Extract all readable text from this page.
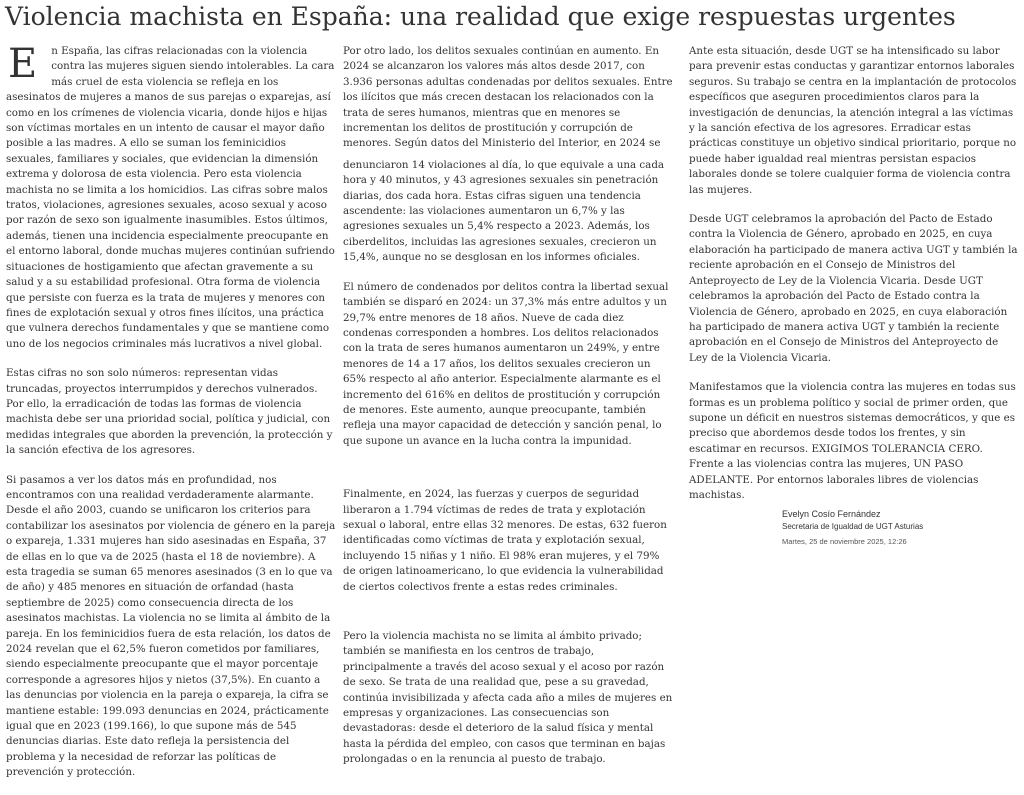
Violencia machista en España: una realidad que exige respuestas urgentes

E n España, las cifras relacionadas con la violencia contra las mujeres siguen siendo intolerables. La cara más cruel de esta violencia se refleja en los asesinatos de mujeres a manos de sus parejas o exparejas, así como en los crímenes de violencia vicaria, donde hijos e hijas son víctimas mortales en un intento de causar el mayor daño posible a las madres. A ello se suman los feminicidios sexuales, familiares y sociales, que evidencian la dimensión extrema y dolorosa de esta violencia. Pero esta violencia machista no se limita a los homicidios. Las cifras sobre malos tratos, violaciones, agresiones sexuales, acoso sexual y acoso por razón de sexo son igualmente inasumibles. Estos últimos, además, tienen una incidencia especialmente preocupante en el entorno laboral, donde muchas mujeres continúan sufriendo situaciones de hostigamiento que afectan gravemente a su salud y a su estabilidad profesional. Otra forma de violencia que persiste con fuerza es la trata de mujeres y menores con fines de explotación sexual y otros fines ilícitos, una práctica que vulnera derechos fundamentales y que se mantiene como uno de los negocios criminales más lucrativos a nivel global.

Estas cifras no son solo números: representan vidas truncadas, proyectos interrumpidos y derechos vulnerados. Por ello, la erradicación de todas las formas de violencia machista debe ser una prioridad social, política y judicial, con medidas integrales que aborden la prevención, la protección y la sanción efectiva de los agresores.

Si pasamos a ver los datos más en profundidad, nos encontramos con una realidad verdaderamente alarmante. Desde el año 2003, cuando se unificaron los criterios para contabilizar los asesinatos por violencia de género en la pareja o expareja, 1.331 mujeres han sido asesinadas en España, 37 de ellas en lo que va de 2025 (hasta el 18 de noviembre). A esta tragedia se suman 65 menores asesinados (3 en lo que va de año) y 485 menores en situación de orfandad (hasta septiembre de 2025) como consecuencia directa de los asesinatos machistas. La violencia no se limita al ámbito de la pareja. En los feminicidios fuera de esta relación, los datos de 2024 revelan que el 62,5% fueron cometidos por familiares, siendo especialmente preocupante que el mayor porcentaje corresponde a agresores hijos y nietos (37,5%). En cuanto a las denuncias por violencia en la pareja o expareja, la cifra se mantiene estable: 199.093 denuncias en 2024, prácticamente igual que en 2023 (199.166), lo que supone más de 545 denuncias diarias. Este dato refleja la persistencia del problema y la necesidad de reforzar las políticas de prevención y protección.

Por otro lado, los delitos sexuales continúan en aumento. En 2024 se alcanzaron los valores más altos desde 2017, con 3.936 personas adultas condenadas por delitos sexuales. Entre los ilícitos que más crecen destacan los relacionados con la trata de seres humanos, mientras que en menores se incrementan los delitos de prostitución y corrupción de menores. Según datos del Ministerio del Interior, en 2024 se

denunciaron 14 violaciones al día, lo que equivale a una cada hora y 40 minutos, y 43 agresiones sexuales sin penetración diarias, dos cada hora. Estas cifras siguen una tendencia ascendente: las violaciones aumentaron un 6,7% y las agresiones sexuales un 5,4% respecto a 2023. Además, los ciberdelitos, incluidas las agresiones sexuales, crecieron un 15,4%, aunque no se desglosan en los informes oficiales.

El número de condenados por delitos contra la libertad sexual también se disparó en 2024: un 37,3% más entre adultos y un 29,7% entre menores de 18 años. Nueve de cada diez condenas corresponden a hombres. Los delitos relacionados con la trata de seres humanos aumentaron un 249%, y entre menores de 14 a 17 años, los delitos sexuales crecieron un 65% respecto al año anterior. Especialmente alarmante es el incremento del 616% en delitos de prostitución y corrupción de menores. Este aumento, aunque preocupante, también refleja una mayor capacidad de detección y sanción penal, lo que supone un avance en la lucha contra la impunidad.

Finalmente, en 2024, las fuerzas y cuerpos de seguridad liberaron a 1.794 víctimas de redes de trata y explotación sexual o laboral, entre ellas 32 menores. De estas, 632 fueron identificadas como víctimas de trata y explotación sexual, incluyendo 15 niñas y 1 niño. El 98% eran mujeres, y el 79% de origen latinoamericano, lo que evidencia la vulnerabilidad de ciertos colectivos frente a estas redes criminales.

Pero la violencia machista no se limita al ámbito privado; también se manifiesta en los centros de trabajo, principalmente a través del acoso sexual y el acoso por razón de sexo. Se trata de una realidad que, pese a su gravedad, continúa invisibilizada y afecta cada año a miles de mujeres en empresas y organizaciones. Las consecuencias son devastadoras: desde el deterioro de la salud física y mental hasta la pérdida del empleo, con casos que terminan en bajas prolongadas o en la renuncia al puesto de trabajo.

Ante esta situación, desde UGT se ha intensificado su labor para prevenir estas conductas y garantizar entornos laborales seguros. Su trabajo se centra en la implantación de protocolos específicos que aseguren procedimientos claros para la investigación de denuncias, la atención integral a las víctimas y la sanción efectiva de los agresores. Erradicar estas prácticas constituye un objetivo sindical prioritario, porque no puede haber igualdad real mientras persistan espacios laborales donde se tolere cualquier forma de violencia contra las mujeres.

Desde UGT celebramos la aprobación del Pacto de Estado contra la Violencia de Género, aprobado en 2025, en cuya elaboración ha participado de manera activa UGT y también la reciente aprobación en el Consejo de Ministros del Anteproyecto de Ley de la Violencia Vicaria. Desde UGT celebramos la aprobación del Pacto de Estado contra la Violencia de Género, aprobado en 2025, en cuya elaboración ha participado de manera activa UGT y también la reciente aprobación en el Consejo de Ministros del Anteproyecto de Ley de la Violencia Vicaria.

Manifestamos que la violencia contra las mujeres en todas sus formas es un problema político y social de primer orden, que supone un déficit en nuestros sistemas democráticos, y que es preciso que abordemos desde todos los frentes, y sin escatimar en recursos. EXIGIMOS TOLERANCIA CERO.

Frente a las violencias contra las mujeres, UN PASO ADELANTE. Por entornos laborales libres de violencias machistas.

Evelyn Cosío Fernández
Secretaria de Igualdad de UGT Asturias
Martes, 25 de noviembre 2025, 12:26
